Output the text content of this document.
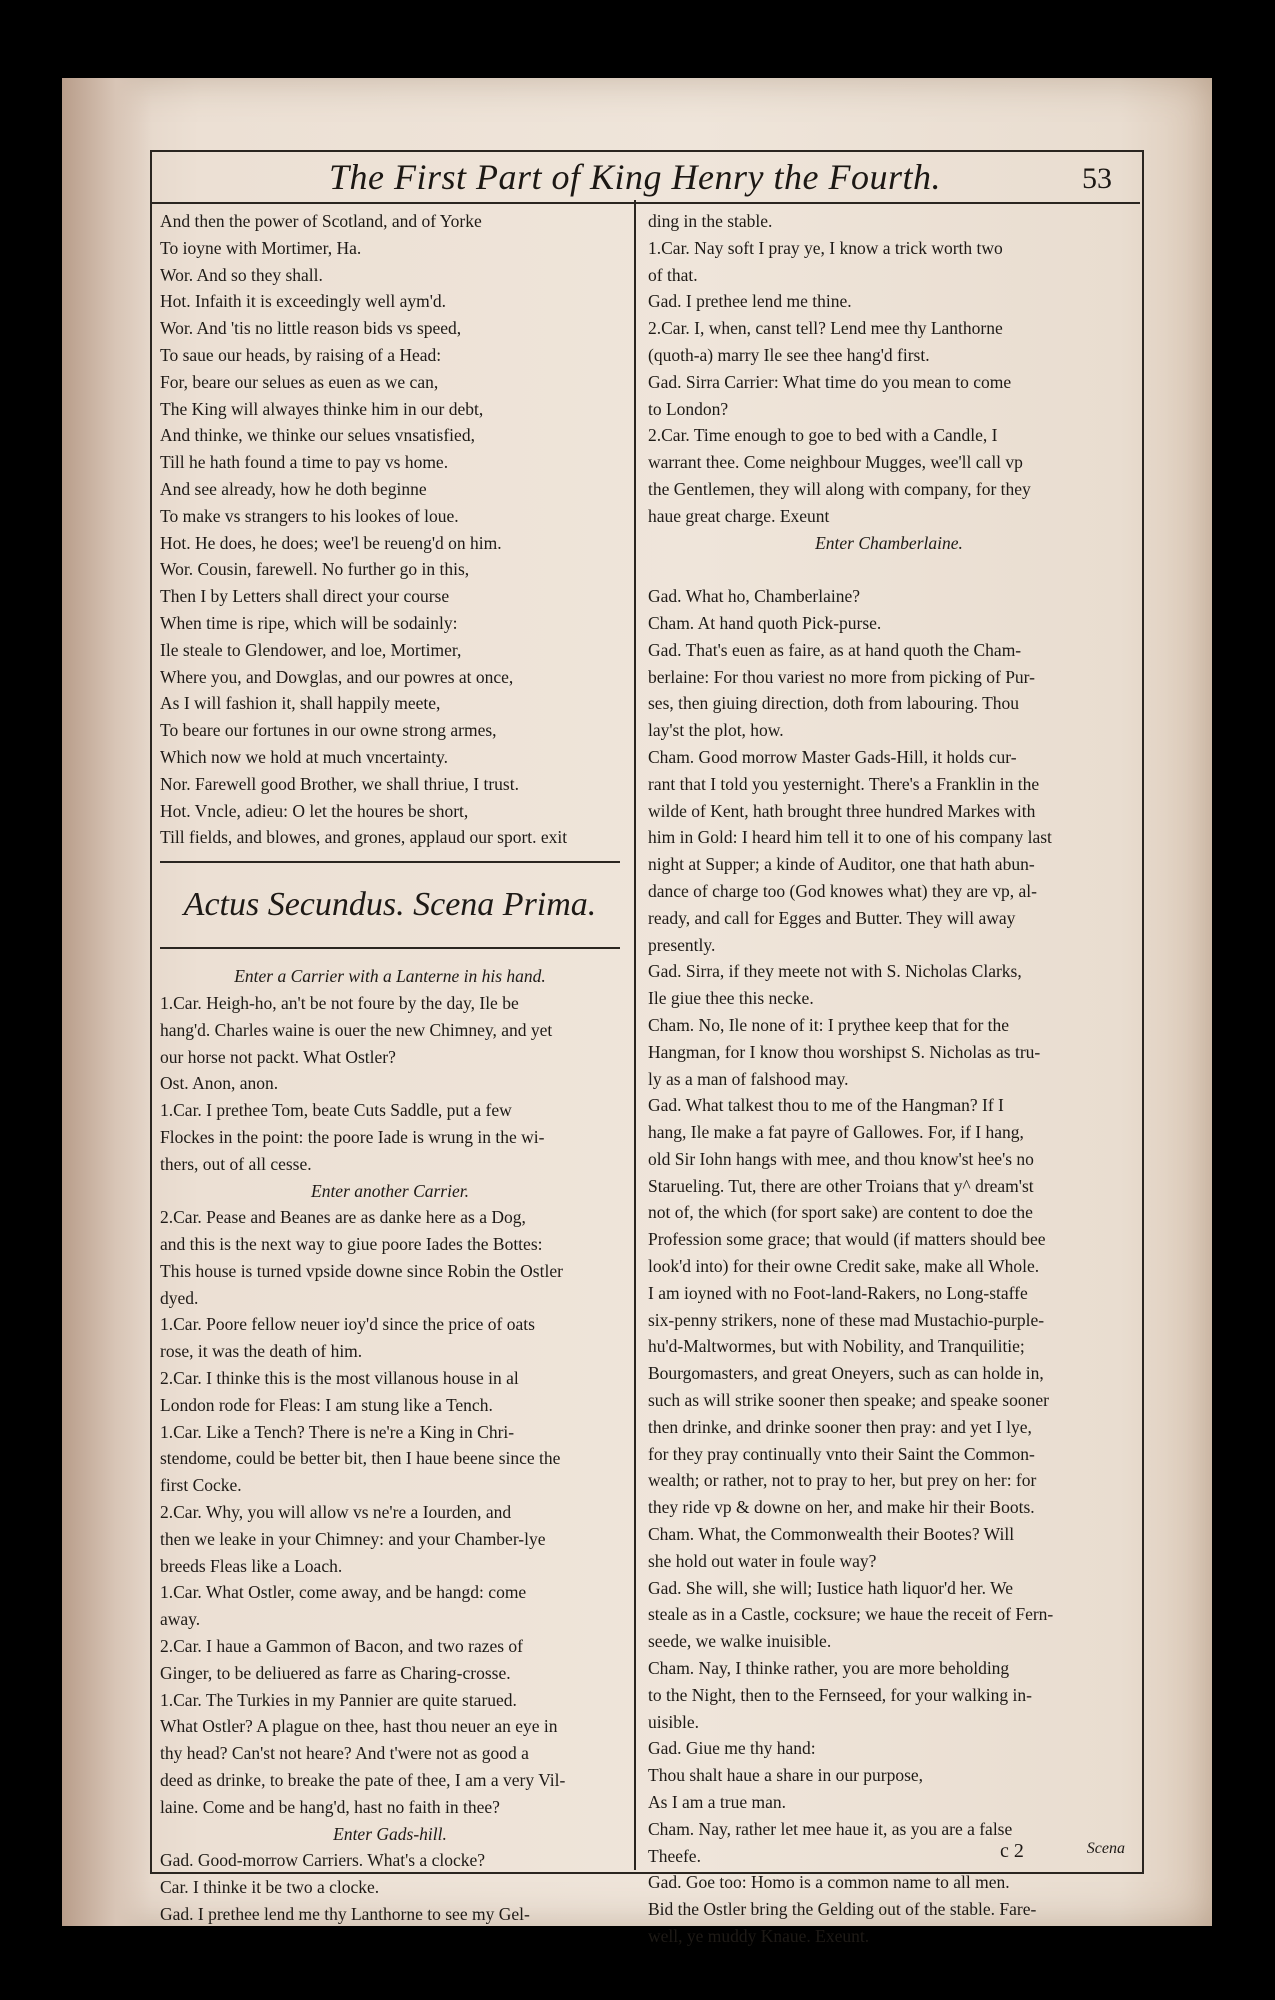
The First Part of King Henry the Fourth.	53
And then the power of Scotland, and of Yorke
To ioyne with Mortimer, Ha.
Wor. And so they shall.
Hot. Infaith it is exceedingly well aym'd.
Wor. And 'tis no little reason bids vs speed,
To saue our heads, by raising of a Head:
For, beare our selues as euen as we can,
The King will alwayes thinke him in our debt,
And thinke, we thinke our selues vnsatisfied,
Till he hath found a time to pay vs home.
And see already, how he doth beginne
To make vs strangers to his lookes of loue.
Hot. He does, he does; wee'l be reueng'd on him.
Wor. Cousin, farewell. No further go in this,
Then I by Letters shall direct your course
When time is ripe, which will be sodainly:
Ile steale to Glendower, and loe, Mortimer,
Where you, and Dowglas, and our powres at once,
As I will fashion it, shall happily meete,
To beare our fortunes in our owne strong armes,
Which now we hold at much vncertainty.
Nor. Farewell good Brother, we shall thriue, I trust.
Hot. Vncle, adieu: O let the houres be short,
Till fields, and blowes, and grones, applaud our sport. exit
Actus Secundus. Scena Prima.
Enter a Carrier with a Lanterne in his hand.
1.Car. Heigh-ho, an't be not foure by the day, Ile be
hang'd. Charles waine is ouer the new Chimney, and yet
our horse not packt. What Ostler?
Ost. Anon, anon.
1.Car. I prethee Tom, beate Cuts Saddle, put a few
Flockes in the point: the poore Iade is wrung in the wi-
thers, out of all cesse.
Enter another Carrier.
2.Car. Pease and Beanes are as danke here as a Dog,
and this is the next way to giue poore Iades the Bottes:
This house is turned vpside downe since Robin the Ostler
dyed.
1.Car. Poore fellow neuer ioy'd since the price of oats
rose, it was the death of him.
2.Car. I thinke this is the most villanous house in al
London rode for Fleas: I am stung like a Tench.
1.Car. Like a Tench? There is ne're a King in Chri-
stendome, could be better bit, then I haue beene since the
first Cocke.
2.Car. Why, you will allow vs ne're a Iourden, and
then we leake in your Chimney: and your Chamber-lye
breeds Fleas like a Loach.
1.Car. What Ostler, come away, and be hangd: come
away.
2.Car. I haue a Gammon of Bacon, and two razes of
Ginger, to be deliuered as farre as Charing-crosse.
1.Car. The Turkies in my Pannier are quite starued.
What Ostler? A plague on thee, hast thou neuer an eye in
thy head? Can'st not heare? And t'were not as good a
deed as drinke, to breake the pate of thee, I am a very Vil-
laine. Come and be hang'd, hast no faith in thee?
Enter Gads-hill.
Gad. Good-morrow Carriers. What's a clocke?
Car. I thinke it be two a clocke.
Gad. I prethee lend me thy Lanthorne to see my Gel-
ding in the stable.
1.Car. Nay soft I pray ye, I know a trick worth two
of that.
Gad. I prethee lend me thine.
2.Car. I, when, canst tell? Lend mee thy Lanthorne
(quoth-a) marry Ile see thee hang'd first.
Gad. Sirra Carrier: What time do you mean to come
to London?
2.Car. Time enough to goe to bed with a Candle, I
warrant thee. Come neighbour Mugges, wee'll call vp
the Gentlemen, they will along with company, for they
haue great charge. Exeunt
Enter Chamberlaine.
Gad. What ho, Chamberlaine?
Cham. At hand quoth Pick-purse.
Gad. That's euen as faire, as at hand quoth the Cham-
berlaine: For thou variest no more from picking of Pur-
ses, then giuing direction, doth from labouring. Thou
lay'st the plot, how.
Cham. Good morrow Master Gads-Hill, it holds cur-
rant that I told you yesternight. There's a Franklin in the
wilde of Kent, hath brought three hundred Markes with
him in Gold: I heard him tell it to one of his company last
night at Supper; a kinde of Auditor, one that hath abun-
dance of charge too (God knowes what) they are vp, al-
ready, and call for Egges and Butter. They will away
presently.
Gad. Sirra, if they meete not with S. Nicholas Clarks,
Ile giue thee this necke.
Cham. No, Ile none of it: I prythee keep that for the
Hangman, for I know thou worshipst S. Nicholas as tru-
ly as a man of falshood may.
Gad. What talkest thou to me of the Hangman? If I
hang, Ile make a fat payre of Gallowes. For, if I hang,
old Sir Iohn hangs with mee, and thou know'st hee's no
Starueling. Tut, there are other Troians that y^ dream'st
not of, the which (for sport sake) are content to doe the
Profession some grace; that would (if matters should bee
look'd into) for their owne Credit sake, make all Whole.
I am ioyned with no Foot-land-Rakers, no Long-staffe
six-penny strikers, none of these mad Mustachio-purple-
hu'd-Maltwormes, but with Nobility, and Tranquilitie;
Bourgomasters, and great Oneyers, such as can holde in,
such as will strike sooner then speake; and speake sooner
then drinke, and drinke sooner then pray: and yet I lye,
for they pray continually vnto their Saint the Common-
wealth; or rather, not to pray to her, but prey on her: for
they ride vp & downe on her, and make hir their Boots.
Cham. What, the Commonwealth their Bootes? Will
she hold out water in foule way?
Gad. She will, she will; Iustice hath liquor'd her. We
steale as in a Castle, cocksure; we haue the receit of Fern-
seede, we walke inuisible.
Cham. Nay, I thinke rather, you are more beholding
to the Night, then to the Fernseed, for your walking in-
uisible.
Gad. Giue me thy hand:
Thou shalt haue a share in our purpose,
As I am a true man.
Cham. Nay, rather let mee haue it, as you are a false
Theefe.
Gad. Goe too: Homo is a common name to all men.
Bid the Ostler bring the Gelding out of the stable. Fare-
well, ye muddy Knaue. Exeunt.
c 2	Scena
